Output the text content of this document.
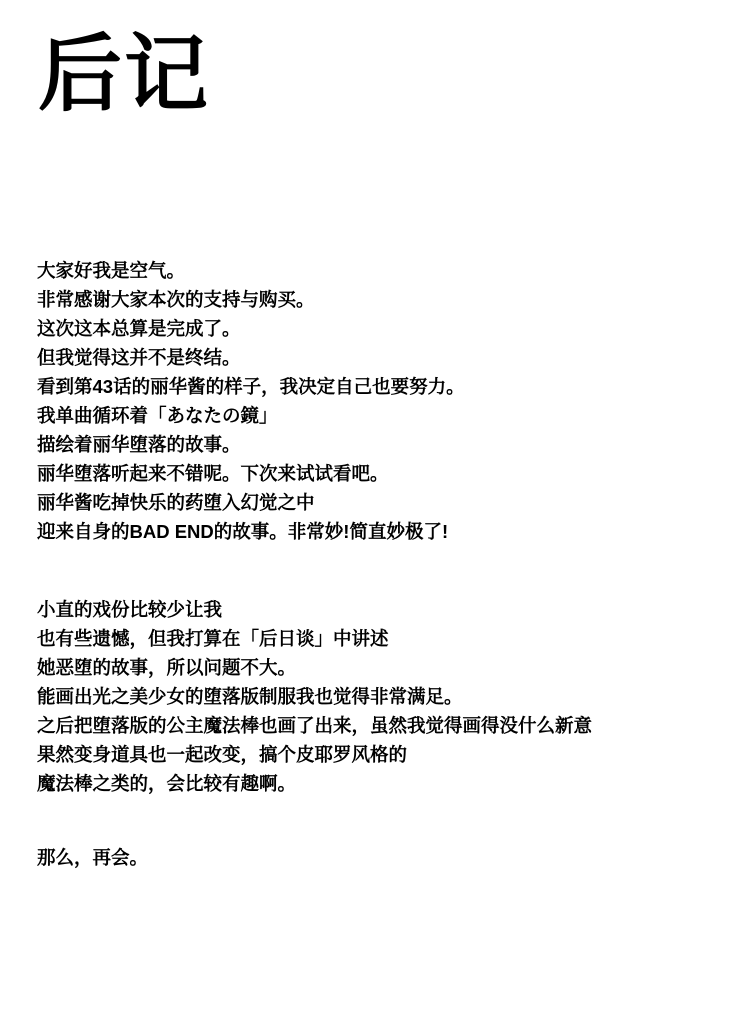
后记

大家好我是空气。

非常感谢大家本次的支持与购买。

这次这本总算是完成了。

但我觉得这并不是终结。

看到第43话的丽华酱的样子，我决定自己也要努力。

我单曲循环着「あなたの鏡」

描绘着丽华堕落的故事。

丽华堕落听起来不错呢。下次来试试看吧。

丽华酱吃掉快乐的药堕入幻觉之中

迎来自身的BAD END的故事。非常妙!简直妙极了!

小直的戏份比较少让我

也有些遗憾，但我打算在「后日谈」中讲述

她恶堕的故事，所以问题不大。

能画出光之美少女的堕落版制服我也觉得非常满足。

之后把堕落版的公主魔法棒也画了出来，虽然我觉得画得没什么新意

果然变身道具也一起改变，搞个皮耶罗风格的

魔法棒之类的，会比较有趣啊。

那么，再会。
